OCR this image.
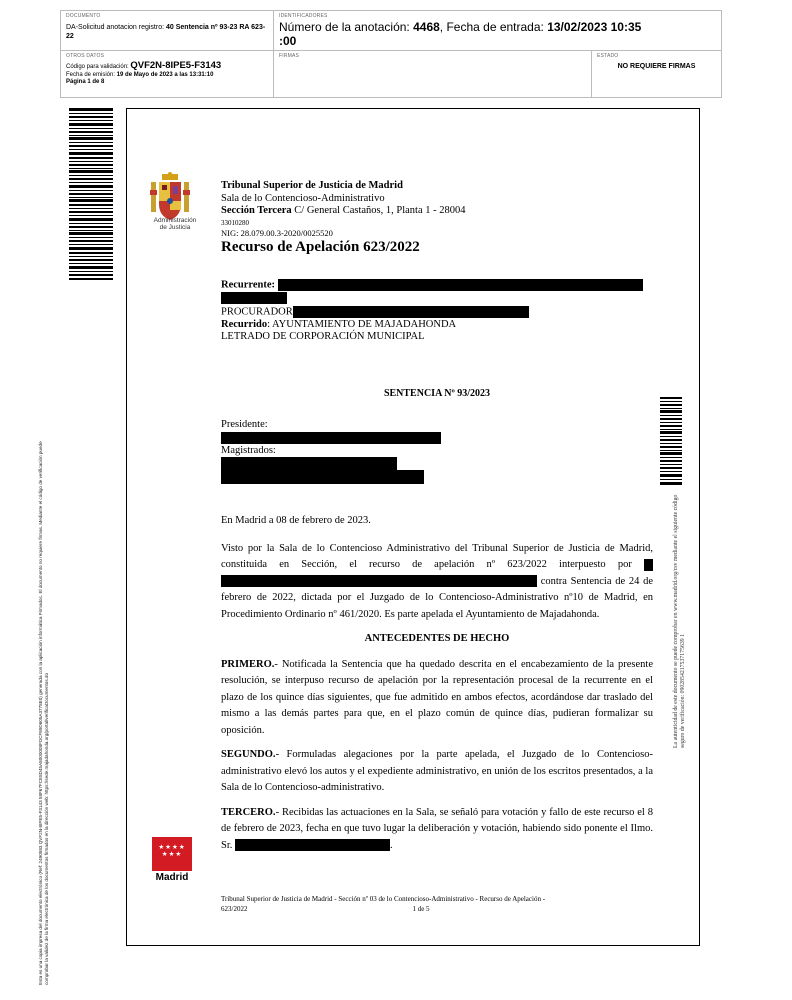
DOCUMENTO
DA-Solicitud anotacion registro: 40 Sentencia nº 93-23 RA 623-22
IDENTIFICADORES
Número de la anotación: 4468, Fecha de entrada: 13/02/2023 10:35
:00
OTROS DATOS
Código para validación: QVF2N-8IPE5-F3143
Fecha de emisión: 19 de Mayo de 2023 a las 13:31:10
Página 1 de 8
FIRMAS	ESTADO
NO REQUIERE FIRMAS
Esta es una copia impresa del documento electrónico (Ref: 2490583 QVF2N-8IPE5-F3143 58F67FCE8D45A8000008FDCF89D605A3778E0) generada con la aplicación informática Firmadoc. El documento no requiere firmas. Mediante el código de verificación puede comprobar la validez de la firma electrónica de los documentos firmados en la dirección web: https://sede.majadahonda.org/portal/verificaDocumentos.do
Administración de Justicia
Tribunal Superior de Justicia de Madrid
Sala de lo Contencioso-Administrativo
Sección Tercera C/ General Castaños, 1, Planta 1 - 28004
33010280
NIG: 28.079.00.3-2020/0025520
Recurso de Apelación 623/2022
Recurrente:
PROCURADOR
Recurrido: AYUNTAMIENTO DE MAJADAHONDA
LETRADO DE CORPORACIÓN MUNICIPAL
SENTENCIA Nº 93/2023
Presidente:
Magistrados:

En Madrid a 08 de febrero de 2023.

Visto por la Sala de lo Contencioso Administrativo del Tribunal Superior de Justicia de Madrid, constituida en Sección, el recurso de apelación nº 623/2022 interpuesto por   contra Sentencia de 24 de febrero de 2022, dictada por el Juzgado de lo Contencioso-Administrativo nº10 de Madrid, en Procedimiento Ordinario nº 461/2020. Es parte apelada el Ayuntamiento de Majadahonda.

ANTECEDENTES DE HECHO

PRIMERO.- Notificada la Sentencia que ha quedado descrita en el encabezamiento de la presente resolución, se interpuso recurso de apelación por la representación procesal de la recurrente en el plazo de los quince días siguientes, que fue admitido en ambos efectos, acordándose dar traslado del mismo a las demás partes para que, en el plazo común de quince días, pudieran formalizar su oposición.

SEGUNDO.- Formuladas alegaciones por la parte apelada, el Juzgado de lo Contencioso-administrativo elevó los autos y el expediente administrativo, en unión de los escritos presentados, a la Sala de lo Contencioso-administrativo.

TERCERO.- Recibidas las actuaciones en la Sala, se señaló para votación y fallo de este recurso el 8 de febrero de 2023, fecha en que tuvo lugar la deliberación y votación, habiendo sido ponente el Ilmo. Sr.	.

★★★★
★★★
Madrid
Tribunal Superior de Justicia de Madrid - Sección nº 03 de lo Contencioso-Administrativo - Recurso de Apelación -
623/2022	1 de 5
La autenticidad de este documento se puede comprobar en www.madrid.org/csv mediante el siguiente código seguro de verificación: 0902854217537175639 1
